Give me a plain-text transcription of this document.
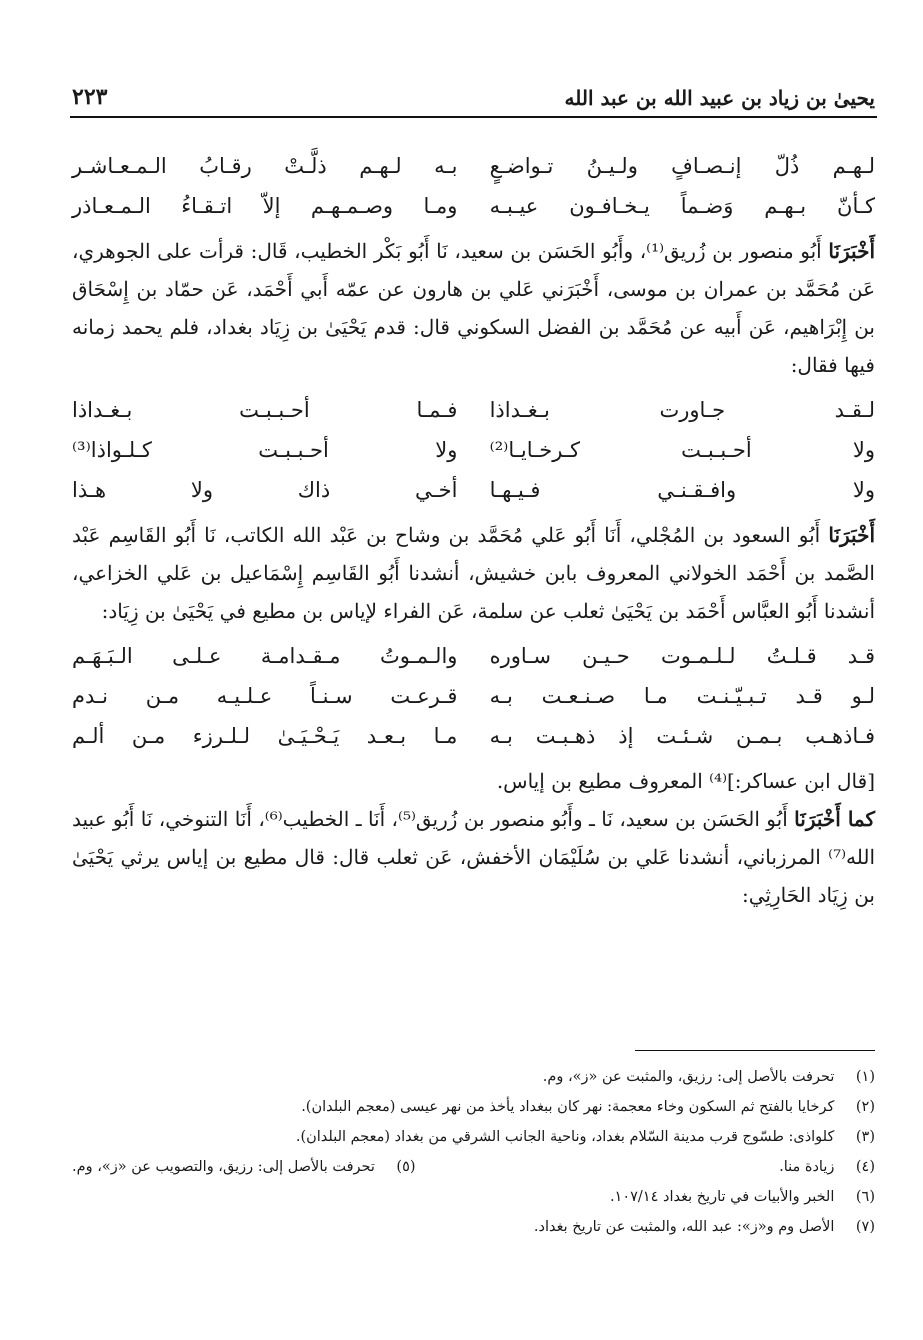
يحيىٰ بن زياد بن عبيد الله بن عبد الله
٢٢٣
لـهـم ذُلّ إنـصـافٍ ولـيـنُ تـواضـعٍ
بـه لـهـم ذلَّـتْ رقـابُ الـمـعـاشـر
كـأنّ بـهـم وَضـماً يـخـافـون عيـبـه
ومـا وصـمـهـم إلاّ اتـقـاءُ الـمـعـاذر

أَخْبَرَنَا أَبُو منصور بن زُريق⁽¹⁾، وأَبُو الحَسَن بن سعيد، نَا أَبُو بَكْر الخطيب، قَال: قرأت على الجوهري، عَن مُحَمَّد بن عمران بن موسى، أَخْبَرَني عَلي بن هارون عن عمّه أَبي أَحْمَد، عَن حمّاد بن إِسْحَاق بن إِبْرَاهيم، عَن أَبيه عن مُحَمَّد بن الفضل السكوني قال: قدم يَحْيَىٰ بن زِيَاد بغداد، فلم يحمد زمانه فيها فقال:

لـقـد جـاورت بـغـداذا
فـمـا أحـبـبـت بـغـداذا
ولا أحـبـبـت كـرخـايـا⁽²⁾
ولا أحـبـبـت كـلـواذا⁽³⁾
ولا وافـقـنـي فـيـهـا
أخـي ذاك ولا هـذا

أَخْبَرَنَا أَبُو السعود بن المُجْلي، أَنَا أَبُو عَلي مُحَمَّد بن وشاح بن عَبْد الله الكاتب، نَا أَبُو القَاسِم عَبْد الصَّمد بن أَحْمَد الخولاني المعروف بابن خشيش، أنشدنا أَبُو القَاسِم إِسْمَاعيل بن عَلي الخزاعي، أنشدنا أَبُو العبَّاس أَحْمَد بن يَحْيَىٰ ثعلب عن سلمة، عَن الفراء لإياس بن مطيع في يَحْيَىٰ بن زِيَاد:

قـد قـلـتُ لـلـمـوت حـيـن سـاوره
والـمـوتُ مـقـدامـة عـلـى الـبَـهَـم
لـو قـد تـبـيّـنـت مـا صـنـعـت بـه
قـرعـت سـنـاً عـلـيـه مـن نـدم
فـاذهـب بـمـن شـئـت إذ ذهـبـت بـه
مـا بـعـد يَـحْـيَـىٰ لـلـرزء مـن ألـم

[قال ابن عساكر:]⁽⁴⁾ المعروف مطيع بن إياس.

كما أَخْبَرَنَا أَبُو الحَسَن بن سعيد، نَا ـ وأَبُو منصور بن زُريق⁽⁵⁾، أَنَا ـ الخطيب⁽⁶⁾، أَنَا التنوخي، نَا أَبُو عبيد الله⁽⁷⁾ المرزباني، أنشدنا عَلي بن سُلَيْمَان الأخفش، عَن ثعلب قال: قال مطيع بن إياس يرثي يَحْيَىٰ بن زِيَاد الحَارِثِي:

(١) تحرفت بالأصل إلى: رزيق، والمثبت عن «ز»، وم.
(٢) كرخايا بالفتح ثم السكون وخاء معجمة: نهر كان ببغداد يأخذ من نهر عيسى (معجم البلدان).
(٣) كلواذى: طسّوج قرب مدينة السّلام بغداد، وناحية الجانب الشرقي من بغداد (معجم البلدان).
(٤) زيادة منا.
(٥) تحرفت بالأصل إلى: رزيق، والتصويب عن «ز»، وم.
(٦) الخبر والأبيات في تاريخ بغداد ١٠٧/١٤.
(٧) الأصل وم و«ز»: عبد الله، والمثبت عن تاريخ بغداد.
